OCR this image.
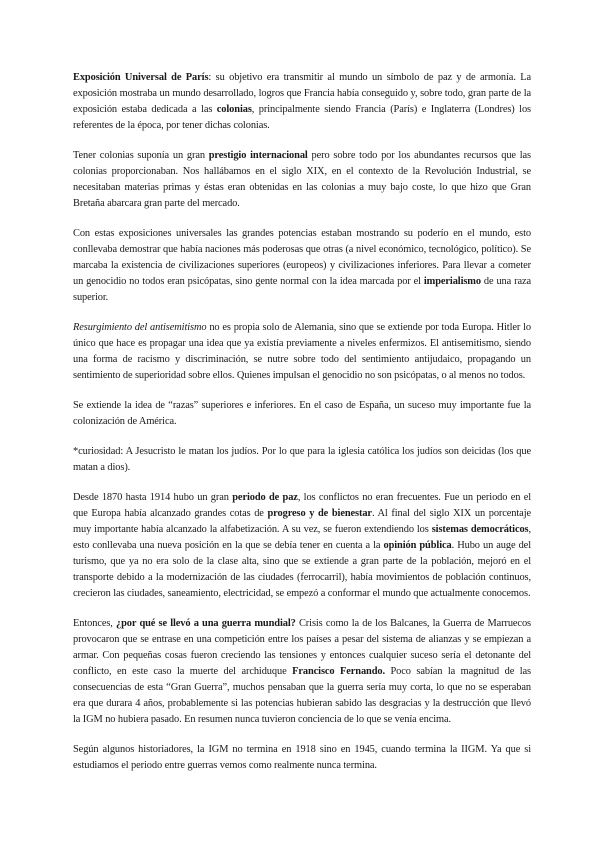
Exposición Universal de París: su objetivo era transmitir al mundo un símbolo de paz y de armonía. La exposición mostraba un mundo desarrollado, logros que Francia había conseguido y, sobre todo, gran parte de la exposición estaba dedicada a las colonias, principalmente siendo Francia (París) e Inglaterra (Londres) los referentes de la época, por tener dichas colonias.

Tener colonias suponía un gran prestigio internacional pero sobre todo por los abundantes recursos que las colonias proporcionaban. Nos hallábamos en el siglo XIX, en el contexto de la Revolución Industrial, se necesitaban materias primas y éstas eran obtenidas en las colonias a muy bajo coste, lo que hizo que Gran Bretaña abarcara gran parte del mercado.

Con estas exposiciones universales las grandes potencias estaban mostrando su poderío en el mundo, esto conllevaba demostrar que había naciones más poderosas que otras (a nivel económico, tecnológico, político). Se marcaba la existencia de civilizaciones superiores (europeos) y civilizaciones inferiores. Para llevar a cometer un genocidio no todos eran psicópatas, sino gente normal con la idea marcada por el imperialismo de una raza superior.

Resurgimiento del antisemitismo no es propia solo de Alemania, sino que se extiende por toda Europa. Hitler lo único que hace es propagar una idea que ya existía previamente a niveles enfermizos. El antisemitismo, siendo una forma de racismo y discriminación, se nutre sobre todo del sentimiento antijudaico, propagando un sentimiento de superioridad sobre ellos. Quienes impulsan el genocidio no son psicópatas, o al menos no todos.

Se extiende la idea de “razas” superiores e inferiores. En el caso de España, un suceso muy importante fue la colonización de América.

*curiosidad: A Jesucristo le matan los judíos. Por lo que para la iglesia católica los judíos son deicidas (los que matan a dios).

Desde 1870 hasta 1914 hubo un gran periodo de paz, los conflictos no eran frecuentes. Fue un periodo en el que Europa había alcanzado grandes cotas de progreso y de bienestar. Al final del siglo XIX un porcentaje muy importante había alcanzado la alfabetización. A su vez, se fueron extendiendo los sistemas democráticos, esto conllevaba una nueva posición en la que se debía tener en cuenta a la opinión pública. Hubo un auge del turismo, que ya no era solo de la clase alta, sino que se extiende a gran parte de la población, mejoró en el transporte debido a la modernización de las ciudades (ferrocarril), había movimientos de población continuos, crecieron las ciudades, saneamiento, electricidad, se empezó a conformar el mundo que actualmente conocemos.

Entonces, ¿por qué se llevó a una guerra mundial? Crisis como la de los Balcanes, la Guerra de Marruecos provocaron que se entrase en una competición entre los países a pesar del sistema de alianzas y se empiezan a armar. Con pequeñas cosas fueron creciendo las tensiones y entonces cualquier suceso sería el detonante del conflicto, en este caso la muerte del archiduque Francisco Fernando. Poco sabían la magnitud de las consecuencias de esta “Gran Guerra”, muchos pensaban que la guerra sería muy corta, lo que no se esperaban era que durara 4 años, probablemente si las potencias hubieran sabido las desgracias y la destrucción que llevó la IGM no hubiera pasado. En resumen nunca tuvieron conciencia de lo que se venía encima.

Según algunos historiadores, la IGM no termina en 1918 sino en 1945, cuando termina la IIGM. Ya que si estudiamos el periodo entre guerras vemos como realmente nunca termina.
